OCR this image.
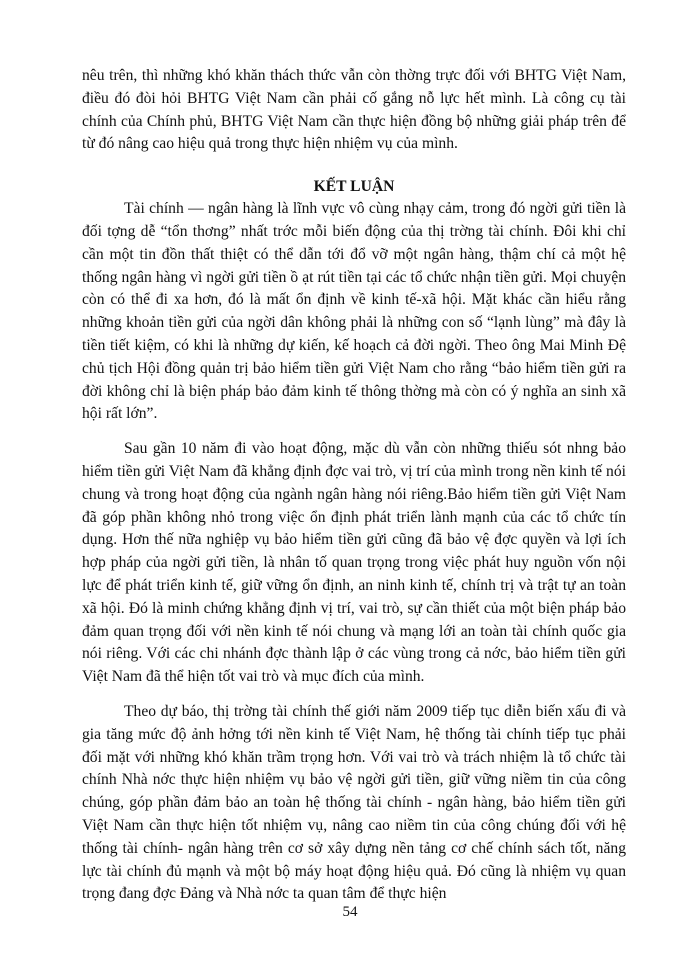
nêu trên, thì những khó khăn thách thức vẫn còn thờng trực đối với BHTG Việt Nam, điều đó đòi hỏi BHTG Việt Nam cần phải cố gắng nỗ lực hết mình. Là công cụ tài chính của Chính phủ, BHTG Việt Nam cần thực hiện đồng bộ những giải pháp trên để từ đó nâng cao hiệu quả trong thực hiện nhiệm vụ của mình.

KẾT LUẬN

Tài chính — ngân hàng là lĩnh vực vô cùng nhạy cảm, trong đó ngời gửi tiền là đối tợng dễ “tổn thơng” nhất trớc mỗi biến động của thị trờng tài chính. Đôi khi chỉ cần một tin đồn thất thiệt có thể dẫn tới đổ vỡ một ngân hàng, thậm chí cả một hệ thống ngân hàng vì ngời gửi tiền ồ ạt rút tiền tại các tổ chức nhận tiền gửi. Mọi chuyện còn có thể đi xa hơn, đó là mất ổn định về kinh tế-xã hội. Mặt khác cần hiểu rằng những khoản tiền gửi của ngời dân không phải là những con số “lạnh lùng” mà đây là tiền tiết kiệm, có khi là những dự kiến, kế hoạch cả đời ngời. Theo ông Mai Minh Đệ chủ tịch Hội đồng quản trị bảo hiểm tiền gửi Việt Nam cho rằng “bảo hiểm tiền gửi ra đời không chỉ là biện pháp bảo đảm kinh tế thông thờng mà còn có ý nghĩa an sinh xã hội rất lớn”.

Sau gần 10 năm đi vào hoạt động, mặc dù vẫn còn những thiếu sót nhng bảo hiểm tiền gửi Việt Nam đã khẳng định đợc vai trò, vị trí của mình trong nền kinh tế nói chung và trong hoạt động của ngành ngân hàng nói riêng.Bảo hiểm tiền gửi Việt Nam đã góp phần không nhỏ trong việc ổn định phát triển lành mạnh của các tổ chức tín dụng. Hơn thế nữa nghiệp vụ bảo hiểm tiền gửi cũng đã bảo vệ đợc quyền và lợi ích hợp pháp của ngời gửi tiền, là nhân tố quan trọng trong việc phát huy nguồn vốn nội lực để phát triển kinh tế, giữ vững ổn định, an ninh kinh tế, chính trị và trật tự an toàn xã hội. Đó là minh chứng khẳng định vị trí, vai trò, sự cần thiết của một biện pháp bảo đảm quan trọng đối với nền kinh tế nói chung và mạng lới an toàn tài chính quốc gia nói riêng. Với các chi nhánh đợc thành lập ở các vùng trong cả nớc, bảo hiểm tiền gửi Việt Nam đã thể hiện tốt vai trò và mục đích của mình.

Theo dự báo, thị trờng tài chính thế giới năm 2009 tiếp tục diễn biến xấu đi và gia tăng mức độ ảnh hởng tới nền kinh tế Việt Nam, hệ thống tài chính tiếp tục phải đối mặt với những khó khăn trầm trọng hơn. Với vai trò và trách nhiệm là tổ chức tài chính Nhà nớc thực hiện nhiệm vụ bảo vệ ngời gửi tiền, giữ vững niềm tin của công chúng, góp phần đảm bảo an toàn hệ thống tài chính - ngân hàng, bảo hiểm tiền gửi Việt Nam cần thực hiện tốt nhiệm vụ, nâng cao niềm tin của công chúng đối với hệ thống tài chính- ngân hàng trên cơ sở xây dựng nền tảng cơ chế chính sách tốt, năng lực tài chính đủ mạnh và một bộ máy hoạt động hiệu quả. Đó cũng là nhiệm vụ quan trọng đang đợc Đảng và Nhà nớc ta quan tâm để thực hiện

54
